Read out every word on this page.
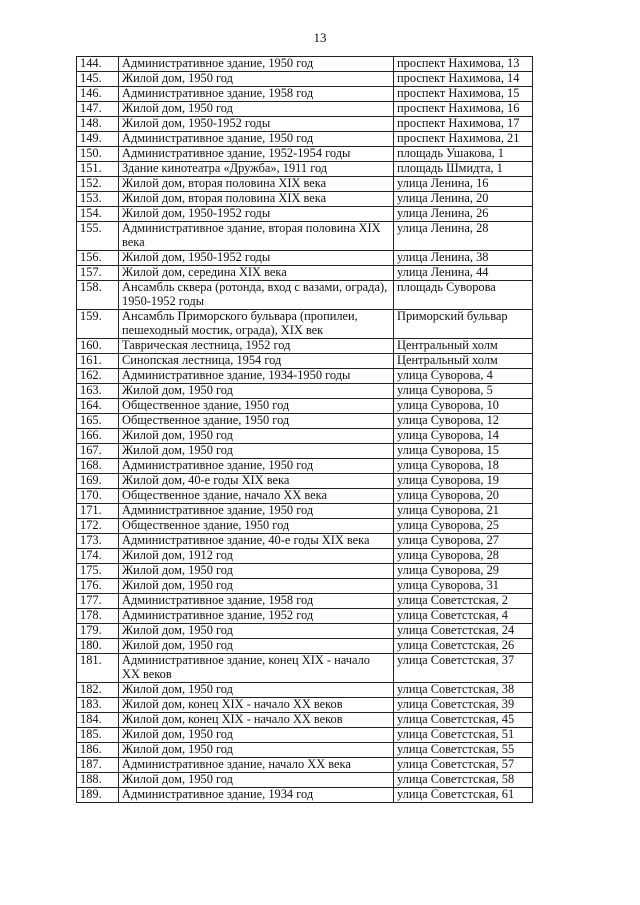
13
144.	Административное здание, 1950 год	проспект Нахимова, 13
145.	Жилой дом, 1950 год	проспект Нахимова, 14
146.	Административное здание, 1958 год	проспект Нахимова, 15
147.	Жилой дом, 1950 год	проспект Нахимова, 16
148.	Жилой дом, 1950-1952 годы	проспект Нахимова, 17
149.	Административное здание, 1950 год	проспект Нахимова, 21
150.	Административное здание, 1952-1954 годы	площадь Ушакова, 1
151.	Здание кинотеатра «Дружба», 1911 год	площадь Шмидта, 1
152.	Жилой дом, вторая половина XIX века	улица Ленина, 16
153.	Жилой дом, вторая половина XIX века	улица Ленина, 20
154.	Жилой дом, 1950-1952 годы	улица Ленина, 26
155.	Административное здание, вторая половина XIX века	улица Ленина, 28
156.	Жилой дом, 1950-1952 годы	улица Ленина, 38
157.	Жилой дом, середина XIX века	улица Ленина, 44
158.	Ансамбль сквера (ротонда, вход с вазами, ограда), 1950-1952 годы	площадь Суворова
159.	Ансамбль Приморского бульвара (пропилеи, пешеходный мостик, ограда), XIX век	Приморский бульвар
160.	Таврическая лестница, 1952 год	Центральный холм
161.	Синопская лестница, 1954 год	Центральный холм
162.	Административное здание, 1934-1950 годы	улица Суворова, 4
163.	Жилой дом, 1950 год	улица Суворова, 5
164.	Общественное здание, 1950 год	улица Суворова, 10
165.	Общественное здание, 1950 год	улица Суворова, 12
166.	Жилой дом, 1950 год	улица Суворова, 14
167.	Жилой дом, 1950 год	улица Суворова, 15
168.	Административное здание, 1950 год	улица Суворова, 18
169.	Жилой дом, 40-е годы XIX века	улица Суворова, 19
170.	Общественное здание, начало XX века	улица Суворова, 20
171.	Административное здание, 1950 год	улица Суворова, 21
172.	Общественное здание, 1950 год	улица Суворова, 25
173.	Административное здание, 40-е годы XIX века	улица Суворова, 27
174.	Жилой дом, 1912 год	улица Суворова, 28
175.	Жилой дом, 1950 год	улица Суворова, 29
176.	Жилой дом, 1950 год	улица Суворова, 31
177.	Административное здание, 1958 год	улица Советстская, 2
178.	Административное здание, 1952 год	улица Советстская, 4
179.	Жилой дом, 1950 год	улица Советстская, 24
180.	Жилой дом, 1950 год	улица Советстская, 26
181.	Административное здание, конец XIX - начало XX веков	улица Советстская, 37
182.	Жилой дом, 1950 год	улица Советстская, 38
183.	Жилой дом, конец XIX - начало XX веков	улица Советстская, 39
184.	Жилой дом, конец XIX - начало XX веков	улица Советстская, 45
185.	Жилой дом, 1950 год	улица Советстская, 51
186.	Жилой дом, 1950 год	улица Советстская, 55
187.	Административное здание, начало XX века	улица Советстская, 57
188.	Жилой дом, 1950 год	улица Советстская, 58
189.	Административное здание, 1934 год	улица Советстская, 61
